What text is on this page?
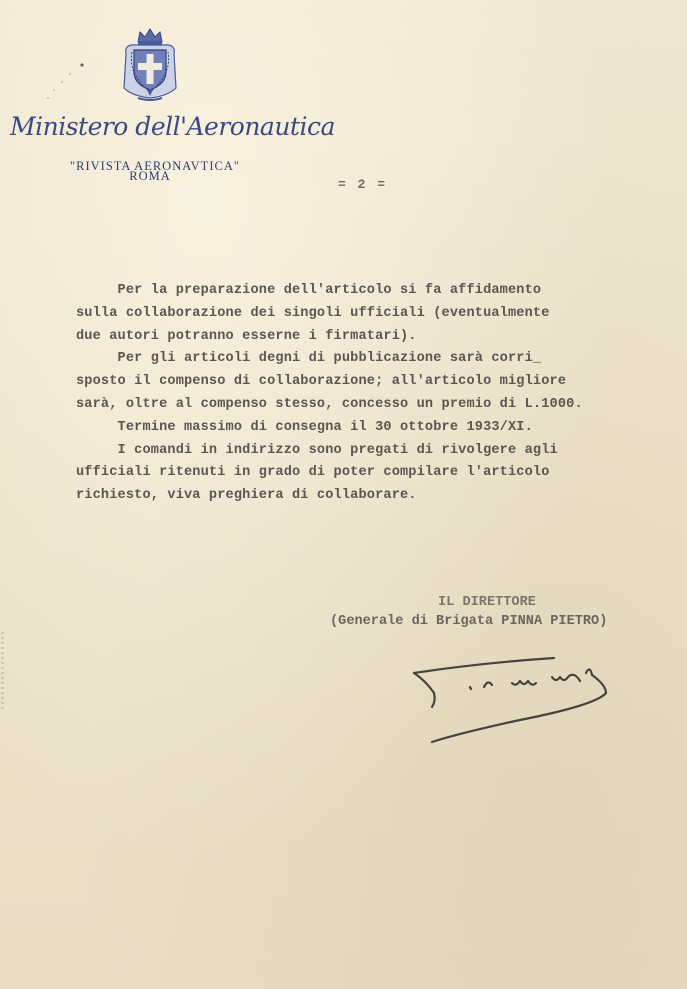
Ministero dell'Aeronautica
"RIVISTA AERONAVTICA"
ROMA
= 2 =
Per la preparazione dell'articolo si fa affidamento
sulla collaborazione dei singoli ufficiali (eventualmente
due autori potranno esserne i firmatari).
Per gli articoli degni di pubblicazione sarà corri_
sposto il compenso di collaborazione; all'articolo migliore
sarà, oltre al compenso stesso, concesso un premio di L.1000.
Termine massimo di consegna il 30 ottobre 1933/XI.
I comandi in indirizzo sono pregati di rivolgere agli
ufficiali ritenuti in grado di poter compilare l'articolo
richiesto, viva preghiera di collaborare.
IL DIRETTORE
(Generale di Brigata PINNA PIETRO)
